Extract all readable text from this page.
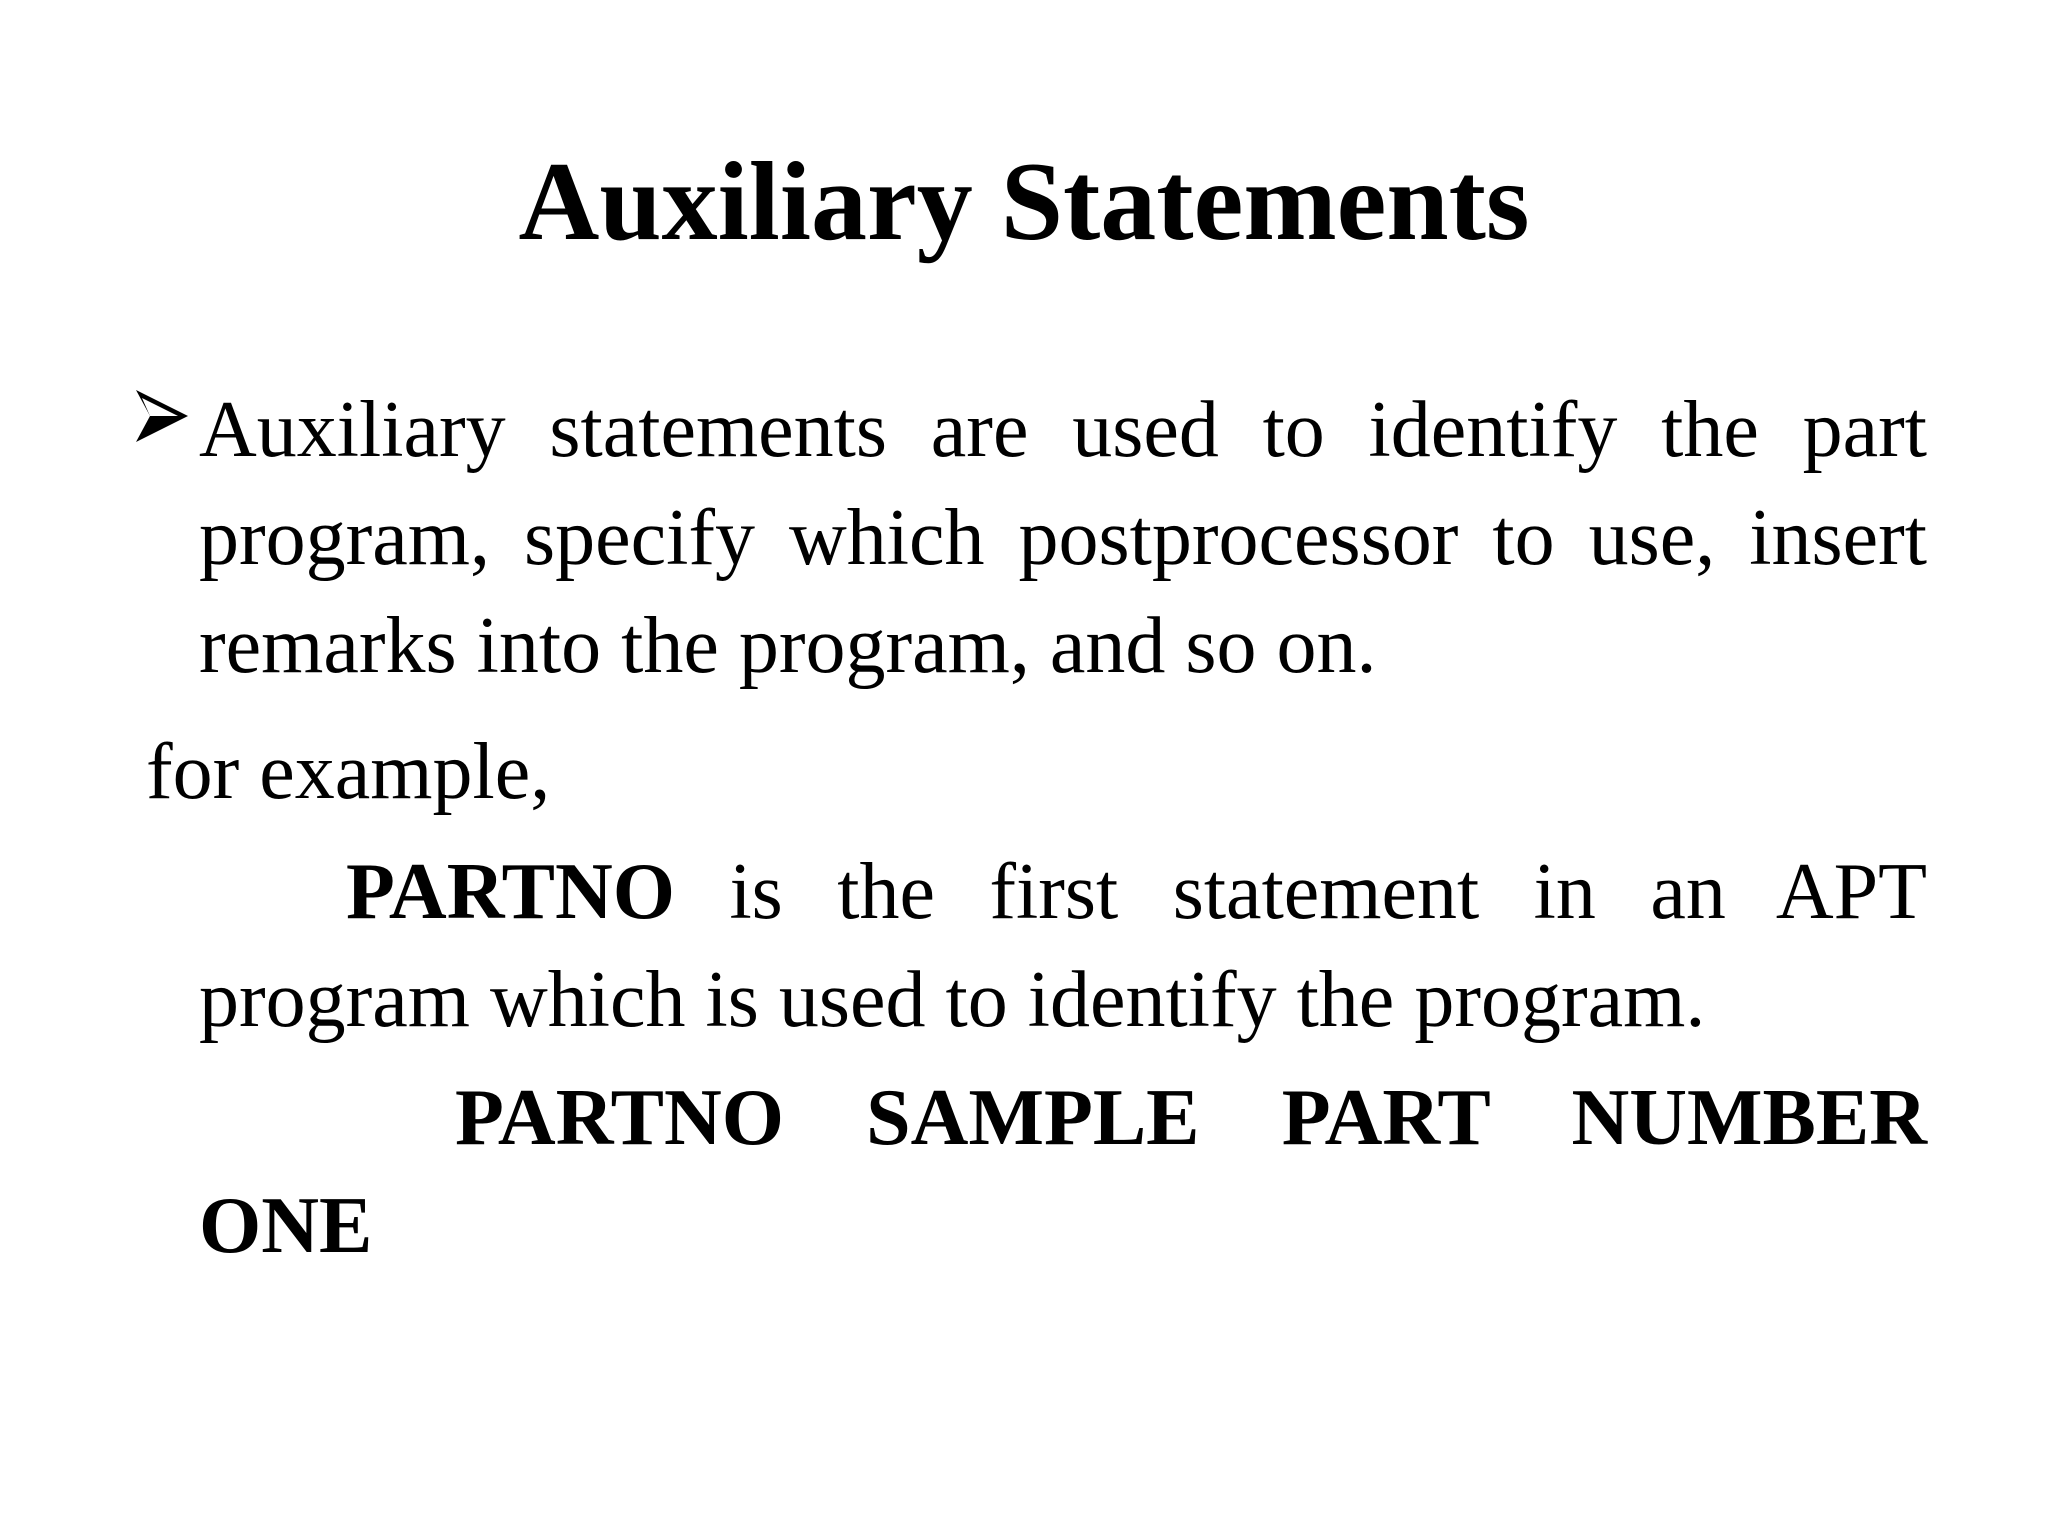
Auxiliary Statements
Auxiliary statements are used to identify the part program, specify which postprocessor to use, insert remarks into the program, and so on.
for example,
PARTNO is the first statement in an APT program which is used to identify the program.
PARTNO SAMPLE PART NUMBER ONE
